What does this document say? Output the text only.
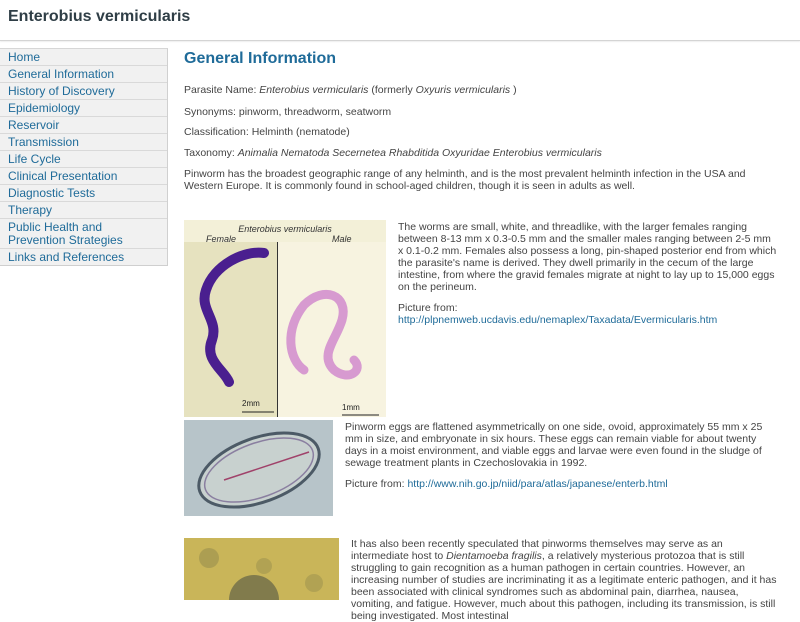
Enterobius vermicularis
Home
General Information
History of Discovery
Epidemiology
Reservoir
Transmission
Life Cycle
Clinical Presentation
Diagnostic Tests
Therapy
Public Health and Prevention Strategies
Links and References
General Information

Parasite Name: Enterobius vermicularis (formerly Oxyuris vermicularis )

Synonyms: pinworm, threadworm, seatworm

Classification: Helminth (nematode)

Taxonomy: Animalia Nematoda Secernetea Rhabditida Oxyuridae Enterobius vermicularis

Pinworm has the broadest geographic range of any helminth, and is the most prevalent helminth infection in the USA and Western Europe. It is commonly found in school-aged children, though it is seen in adults as well.

Enterobius vermicularis
Female	Male
2mm	1mm

The worms are small, white, and threadlike, with the larger females ranging between 8-13 mm x 0.3-0.5 mm and the smaller males ranging between 2-5 mm x 0.1-0.2 mm. Females also possess a long, pin-shaped posterior end from which the parasite's name is derived. They dwell primarily in the cecum of the large intestine, from where the gravid females migrate at night to lay up to 15,000 eggs on the perineum.

Picture from: http://plpnemweb.ucdavis.edu/nemaplex/Taxadata/Evermicularis.htm

Pinworm eggs are flattened asymmetrically on one side, ovoid, approximately 55 mm x 25 mm in size, and embryonate in six hours. These eggs can remain viable for about twenty days in a moist environment, and viable eggs and larvae were even found in the sludge of sewage treatment plants in Czechoslovakia in 1992.

Picture from: http://www.nih.go.jp/niid/para/atlas/japanese/enterb.html

It has also been recently speculated that pinworms themselves may serve as an intermediate host to Dientamoeba fragilis, a relatively mysterious protozoa that is still struggling to gain recognition as a human pathogen in certain countries. However, an increasing number of studies are incriminating it as a legitimate enteric pathogen, and it has been associated with clinical syndromes such as abdominal pain, diarrhea, nausea, vomiting, and fatigue. However, much about this pathogen, including its transmission, is still being investigated. Most intestinal
